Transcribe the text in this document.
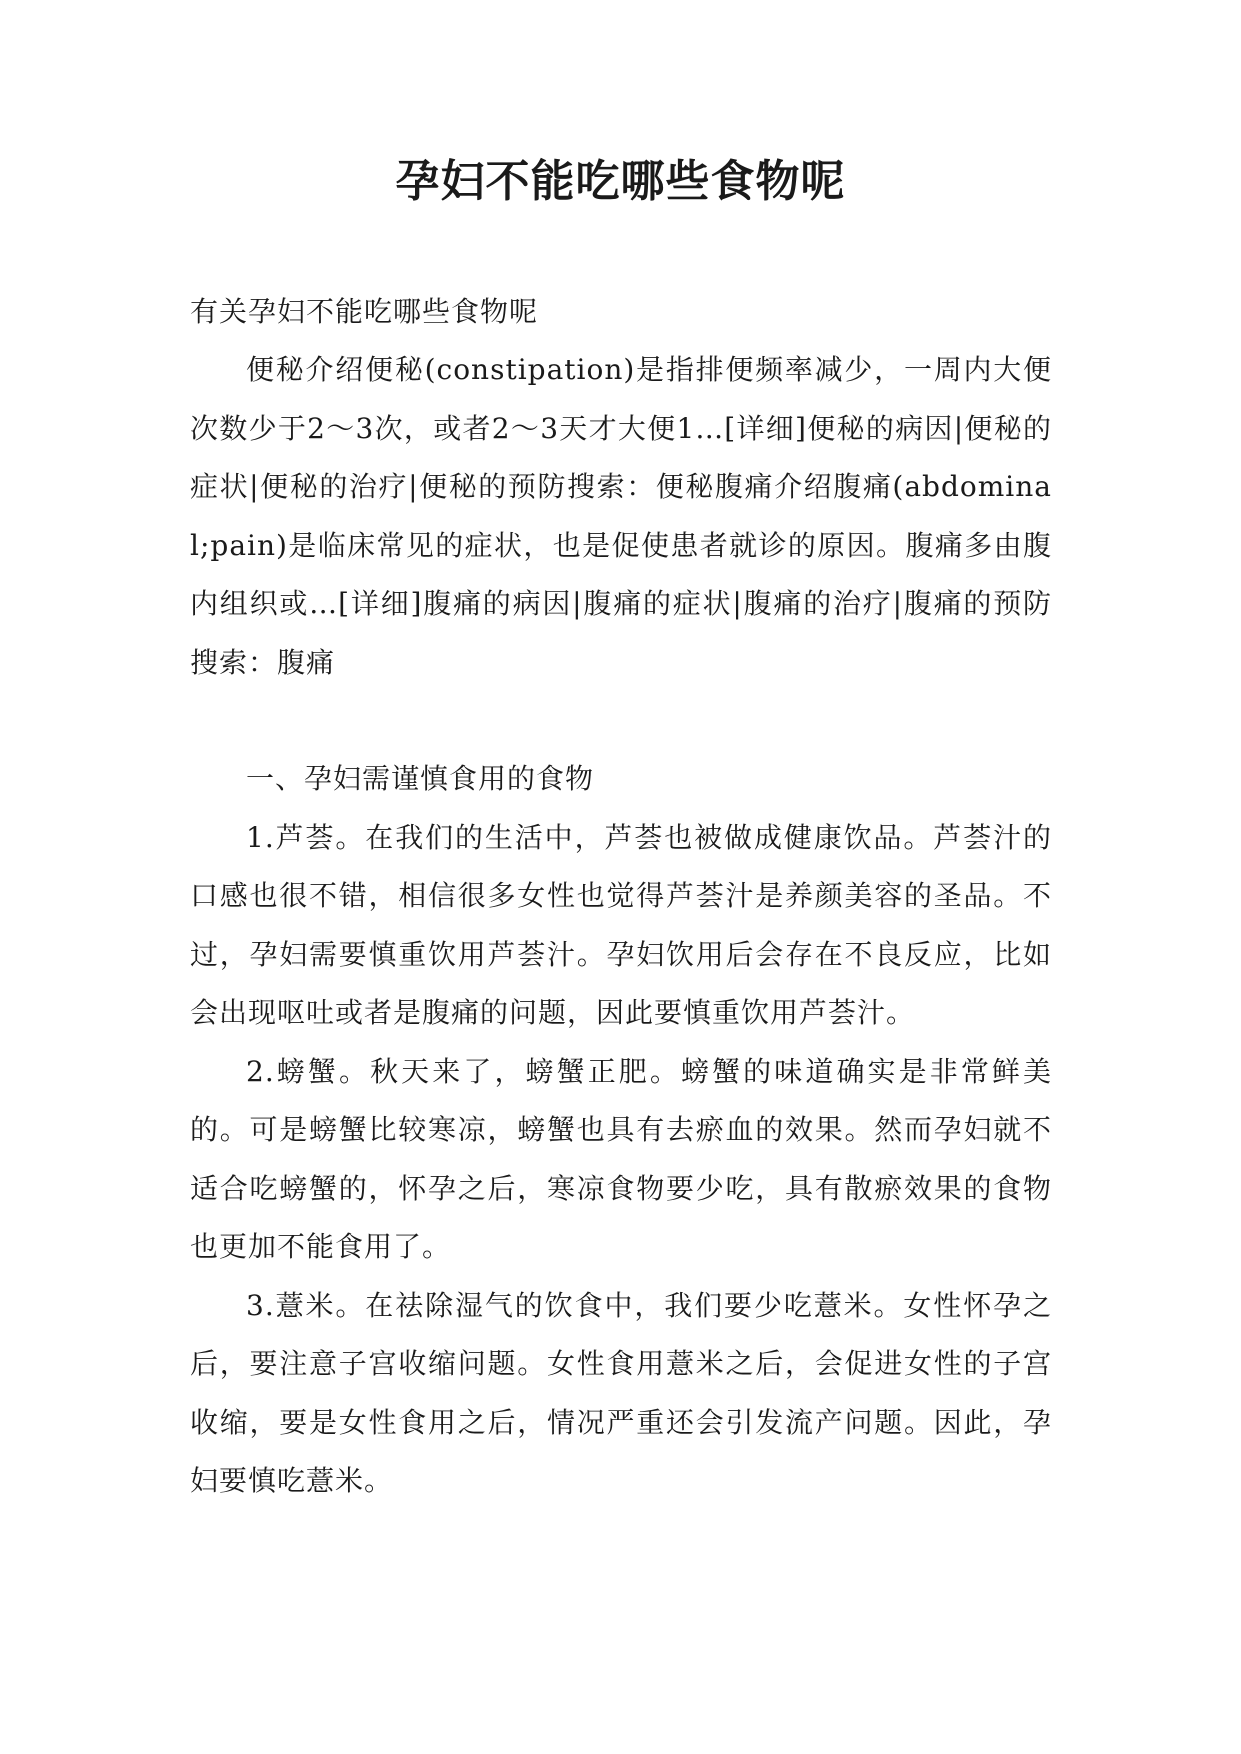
孕妇不能吃哪些食物呢

有关孕妇不能吃哪些食物呢

便秘介绍便秘(constipation)是指排便频率减少，一周内大便次数少于2～3次，或者2～3天才大便1…[详细]便秘的病因|便秘的症状|便秘的治疗|便秘的预防搜索：便秘腹痛介绍腹痛(abdominal;pain)是临床常见的症状，也是促使患者就诊的原因。腹痛多由腹内组织或…[详细]腹痛的病因|腹痛的症状|腹痛的治疗|腹痛的预防搜索：腹痛

一、孕妇需谨慎食用的食物

1.芦荟。在我们的生活中，芦荟也被做成健康饮品。芦荟汁的口感也很不错，相信很多女性也觉得芦荟汁是养颜美容的圣品。不过，孕妇需要慎重饮用芦荟汁。孕妇饮用后会存在不良反应，比如会出现呕吐或者是腹痛的问题，因此要慎重饮用芦荟汁。

2.螃蟹。秋天来了，螃蟹正肥。螃蟹的味道确实是非常鲜美的。可是螃蟹比较寒凉，螃蟹也具有去瘀血的效果。然而孕妇就不适合吃螃蟹的，怀孕之后，寒凉食物要少吃，具有散瘀效果的食物也更加不能食用了。

3.薏米。在祛除湿气的饮食中，我们要少吃薏米。女性怀孕之后，要注意子宫收缩问题。女性食用薏米之后，会促进女性的子宫收缩，要是女性食用之后，情况严重还会引发流产问题。因此，孕妇要慎吃薏米。
